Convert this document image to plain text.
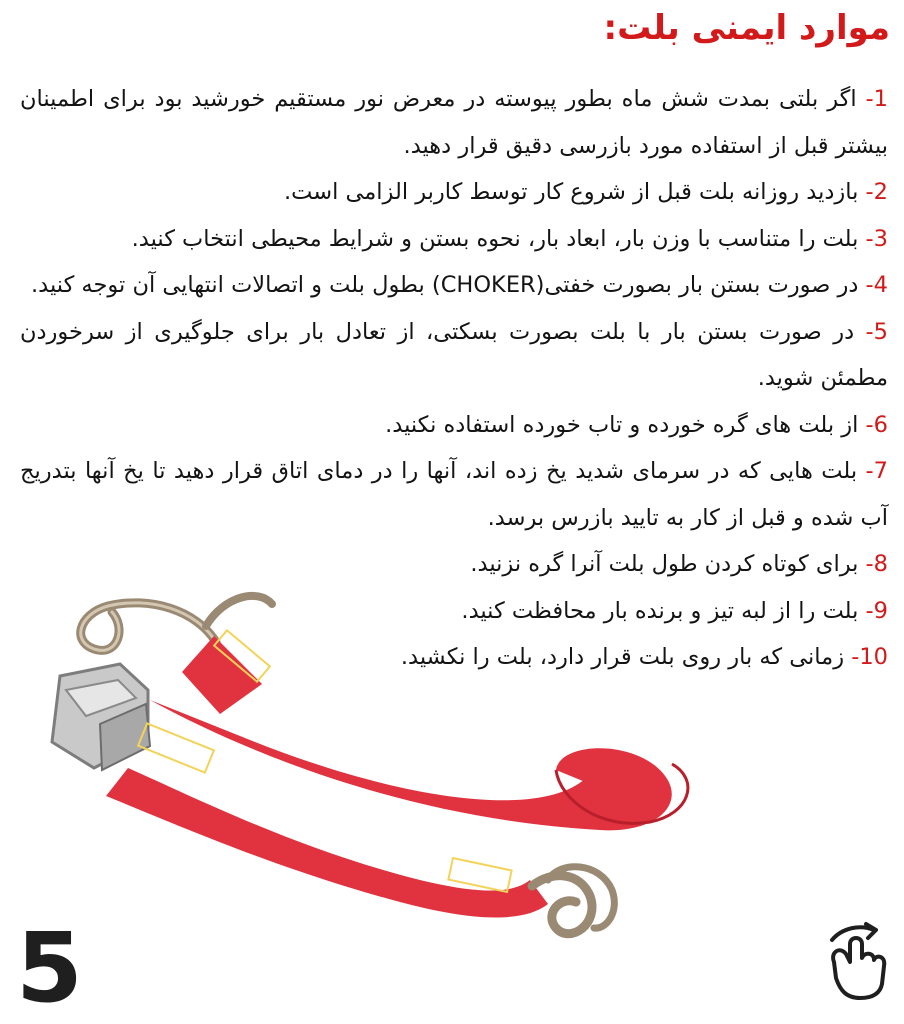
موارد ایمنی بلت:

1- اگر بلتی بمدت شش ماه بطور پیوسته در معرض نور مستقیم خورشید بود برای اطمینان بیشتر قبل از استفاده مورد بازرسی دقیق قرار دهید.

2- بازدید روزانه بلت قبل از شروع کار توسط کاربر الزامی است.

3- بلت را متناسب با وزن بار، ابعاد بار، نحوه بستن و شرایط محیطی انتخاب کنید.

4- در صورت بستن بار بصورت خفتی(CHOKER) بطول بلت و اتصالات انتهایی آن توجه کنید.

5- در صورت بستن بار با بلت بصورت بسکتی، از تعادل بار برای جلوگیری از سرخوردن مطمئن شوید.

6- از بلت های گره خورده و تاب خورده استفاده نکنید.

7- بلت هایی که در سرمای شدید یخ زده اند، آنها را در دمای اتاق قرار دهید تا یخ آنها بتدریج آب شده و قبل از کار به تایید بازرس برسد.

8- برای کوتاه کردن طول بلت آنرا گره نزنید.

9- بلت را از لبه تیز و برنده بار محافظت کنید.

10- زمانی که بار روی بلت قرار دارد، بلت را نکشید.

5
